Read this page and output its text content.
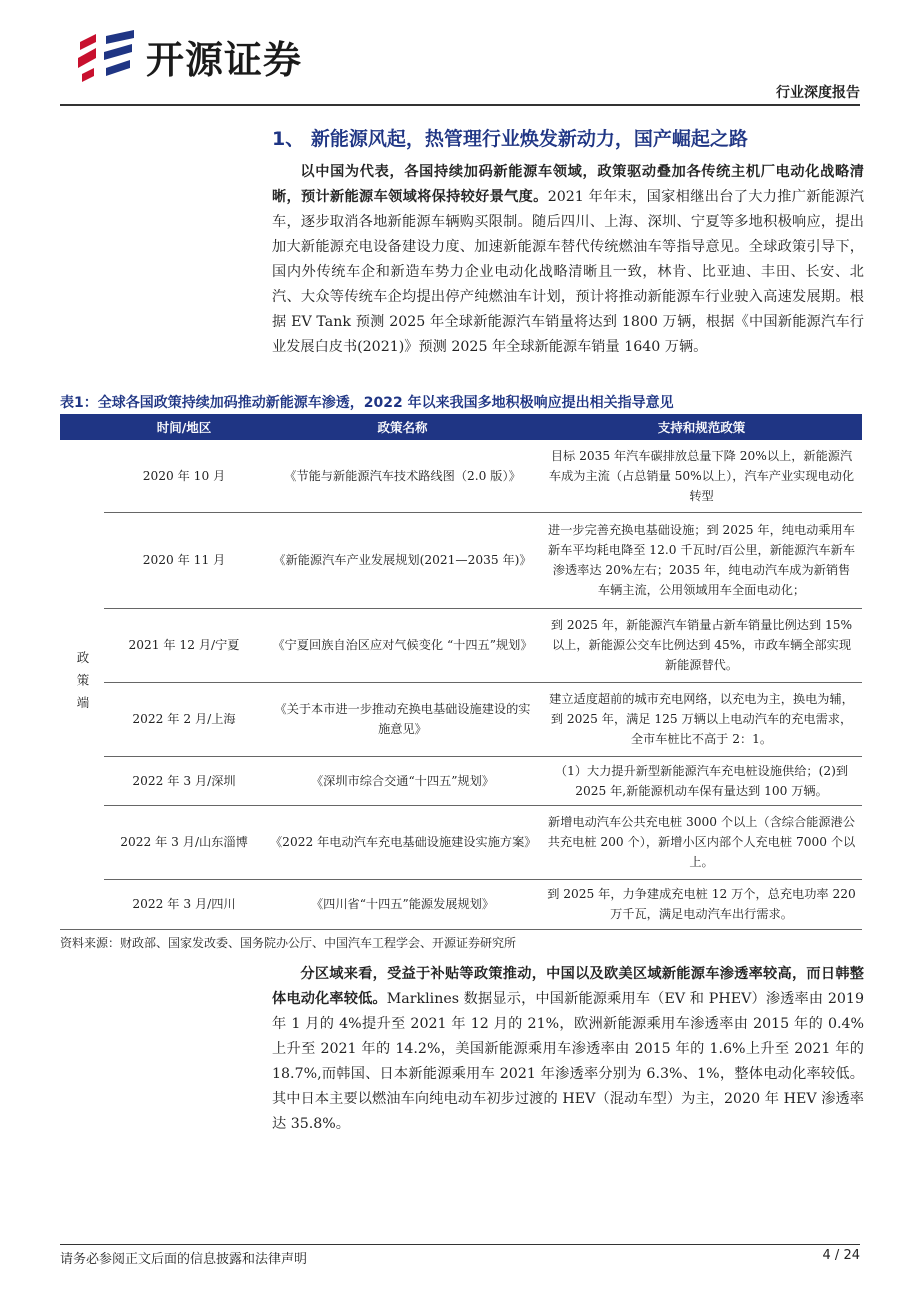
开源证券
行业深度报告
1、 新能源风起，热管理行业焕发新动力，国产崛起之路
以中国为代表，各国持续加码新能源车领域，政策驱动叠加各传统主机厂电动化战略清晰，预计新能源车领域将保持较好景气度。2021 年年末，国家相继出台了大力推广新能源汽车，逐步取消各地新能源车辆购买限制。随后四川、上海、深圳、宁夏等多地积极响应，提出加大新能源充电设备建设力度、加速新能源车替代传统燃油车等指导意见。全球政策引导下，国内外传统车企和新造车势力企业电动化战略清晰且一致，林肯、比亚迪、丰田、长安、北汽、大众等传统车企均提出停产纯燃油车计划，预计将推动新能源车行业驶入高速发展期。根据 EV Tank 预测 2025 年全球新能源汽车销量将达到 1800 万辆，根据《中国新能源汽车行业发展白皮书(2021)》预测 2025 年全球新能源车销量 1640 万辆。
表1：全球各国政策持续加码推动新能源车渗透，2022 年以来我国多地积极响应提出相关指导意见
	时间/地区	政策名称	支持和规范政策
政策端	2020 年 10 月	《节能与新能源汽车技术路线图（2.0 版）》	目标 2035 年汽车碳排放总量下降 20%以上，新能源汽车成为主流（占总销量 50%以上），汽车产业实现电动化转型
	2020 年 11 月	《新能源汽车产业发展规划(2021—2035 年)》	进一步完善充换电基础设施；到 2025 年，纯电动乘用车新车平均耗电降至 12.0 千瓦时/百公里，新能源汽车新车渗透率达 20%左右；2035 年，纯电动汽车成为新销售车辆主流，公用领域用车全面电动化；
	2021 年 12 月/宁夏	《宁夏回族自治区应对气候变化 “十四五”规划》	到 2025 年，新能源汽车销量占新车销量比例达到 15%以上，新能源公交车比例达到 45%，市政车辆全部实现新能源替代。
	2022 年 2 月/上海	《关于本市进一步推动充换电基础设施建设的实施意见》	建立适度超前的城市充电网络，以充电为主，换电为辅，到 2025 年，满足 125 万辆以上电动汽车的充电需求，全市车桩比不高于 2：1。
	2022 年 3 月/深圳	《深圳市综合交通“十四五”规划》	（1）大力提升新型新能源汽车充电桩设施供给；(2)到 2025 年,新能源机动车保有量达到 100 万辆。
	2022 年 3 月/山东淄博	《2022 年电动汽车充电基础设施建设实施方案》	新增电动汽车公共充电桩 3000 个以上（含综合能源港公共充电桩 200 个），新增小区内部个人充电桩 7000 个以上。
	2022 年 3 月/四川	《四川省“十四五”能源发展规划》	到 2025 年，力争建成充电桩 12 万个，总充电功率 220 万千瓦，满足电动汽车出行需求。
资料来源：财政部、国家发改委、国务院办公厅、中国汽车工程学会、开源证券研究所
分区域来看，受益于补贴等政策推动，中国以及欧美区域新能源车渗透率较高，而日韩整体电动化率较低。Marklines 数据显示，中国新能源乘用车（EV 和 PHEV）渗透率由 2019 年 1 月的 4%提升至 2021 年 12 月的 21%，欧洲新能源乘用车渗透率由 2015 年的 0.4%上升至 2021 年的 14.2%，美国新能源乘用车渗透率由 2015 年的 1.6%上升至 2021 年的 18.7%,而韩国、日本新能源乘用车 2021 年渗透率分别为 6.3%、1%，整体电动化率较低。其中日本主要以燃油车向纯电动车初步过渡的 HEV（混动车型）为主，2020 年 HEV 渗透率达 35.8%。
请务必参阅正文后面的信息披露和法律声明	4 / 24
